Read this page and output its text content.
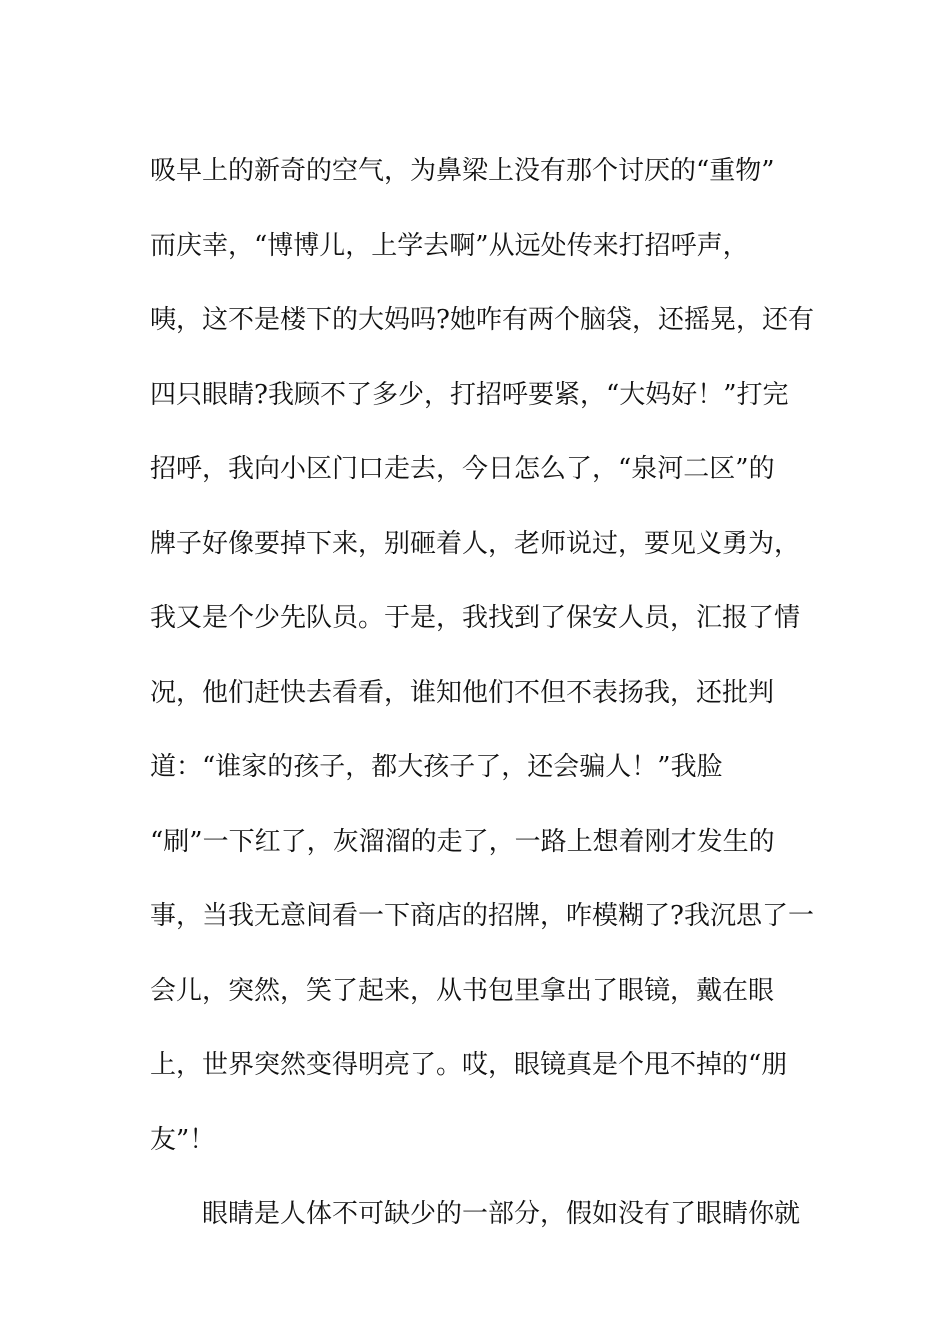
吸早上的新奇的空气，为鼻梁上没有那个讨厌的“重物”
而庆幸，“博博儿，上学去啊”从远处传来打招呼声，
咦，这不是楼下的大妈吗?她咋有两个脑袋，还摇晃，还有
四只眼睛?我顾不了多少，打招呼要紧，“大妈好！”打完
招呼，我向小区门口走去，今日怎么了，“泉河二区”的
牌子好像要掉下来，别砸着人，老师说过，要见义勇为，
我又是个少先队员。于是，我找到了保安人员，汇报了情
况，他们赶快去看看，谁知他们不但不表扬我，还批判
道：“谁家的孩子，都大孩子了，还会骗人！”我脸
“刷”一下红了，灰溜溜的走了，一路上想着刚才发生的
事，当我无意间看一下商店的招牌，咋模糊了?我沉思了一
会儿，突然，笑了起来，从书包里拿出了眼镜，戴在眼
上，世界突然变得明亮了。哎，眼镜真是个甩不掉的“朋
友”！
眼睛是人体不可缺少的一部分，假如没有了眼睛你就
